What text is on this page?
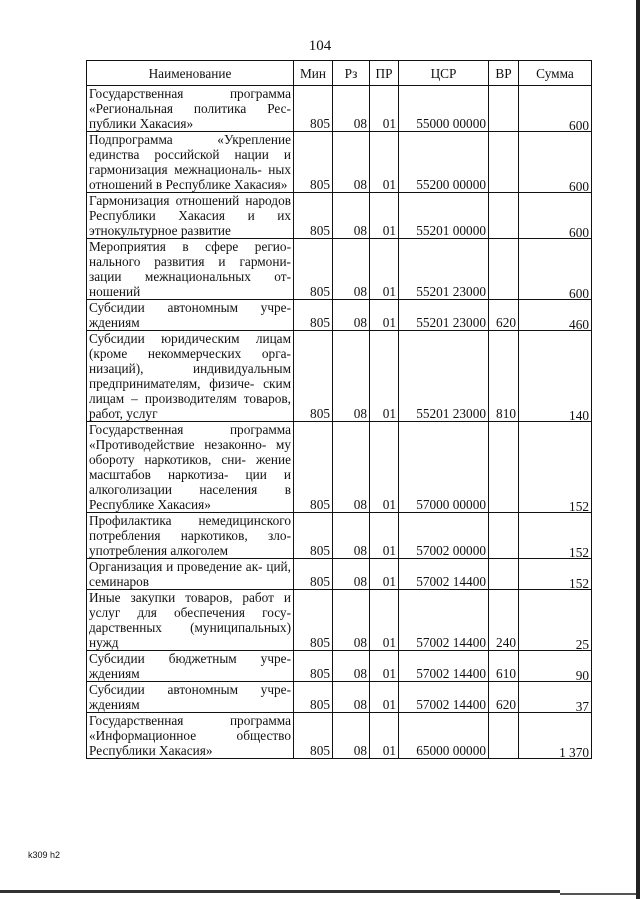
104
Наименование	Мин	Рз	ПР	ЦСР	ВР	Сумма
Государственная программа «Региональная политика Рес- публики Хакасия»	805	08	01	55000 00000		600
Подпрограмма «Укрепление единства российской нации и гармонизация межнациональ- ных отношений в Республике Хакасия»	805	08	01	55200 00000		600
Гармонизация отношений народов Республики Хакасия и их этнокультурное развитие	805	08	01	55201 00000		600
Мероприятия в сфере регио- нального развития и гармони- зации межнациональных от- ношений	805	08	01	55201 23000		600
Субсидии автономным учре- ждениям	805	08	01	55201 23000	620	460
Субсидии юридическим лицам (кроме некоммерческих орга- низаций), индивидуальным предпринимателям, физиче- ским лицам – производителям товаров, работ, услуг	805	08	01	55201 23000	810	140
Государственная программа «Противодействие незаконно- му обороту наркотиков, сни- жение масштабов наркотиза- ции и алкоголизации населения в Республике Хакасия»	805	08	01	57000 00000		152
Профилактика немедицинского потребления наркотиков, зло- употребления алкоголем	805	08	01	57002 00000		152
Организация и проведение ак- ций, семинаров	805	08	01	57002 14400		152
Иные закупки товаров, работ и услуг для обеспечения госу- дарственных (муниципальных) нужд	805	08	01	57002 14400	240	25
Субсидии бюджетным учре- ждениям	805	08	01	57002 14400	610	90
Субсидии автономным учре- ждениям	805	08	01	57002 14400	620	37
Государственная программа «Информационное общество Республики Хакасия»	805	08	01	65000 00000		1 370
k309 h2
